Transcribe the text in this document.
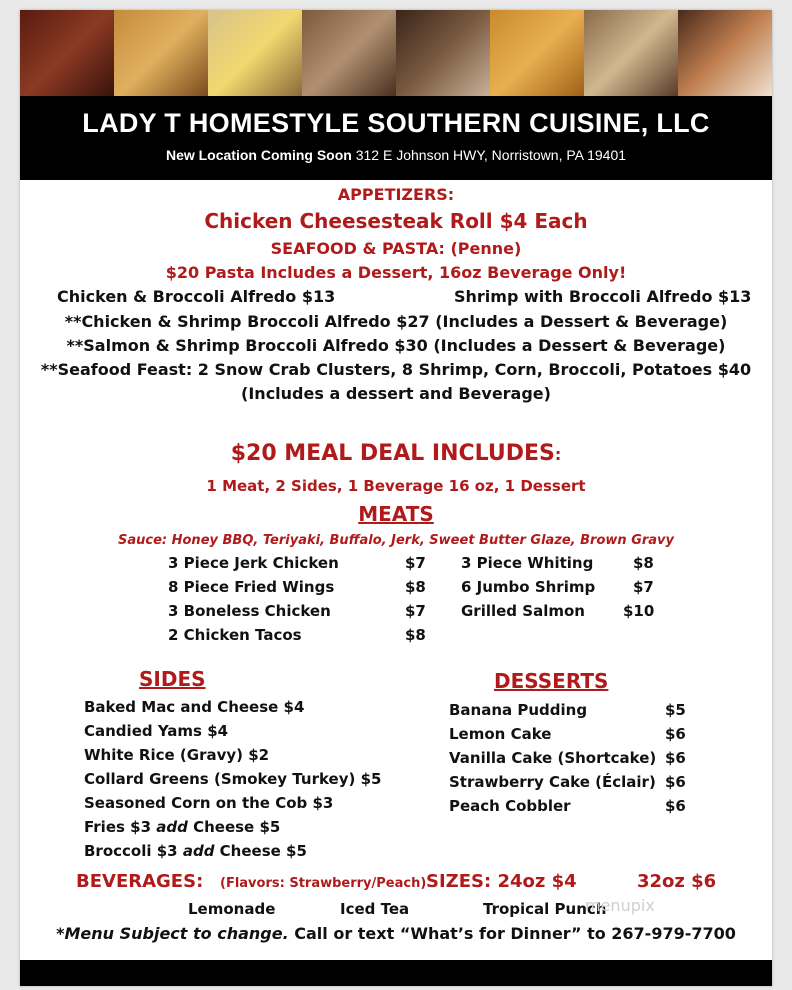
LADY T HOMESTYLE SOUTHERN CUISINE, LLC
New Location Coming Soon 312 E Johnson HWY, Norristown, PA 19401
APPETIZERS:
Chicken Cheesesteak Roll $4 Each
SEAFOOD & PASTA: (Penne)
$20 Pasta Includes a Dessert, 16oz Beverage Only!
Chicken & Broccoli Alfredo $13	Shrimp with Broccoli Alfredo $13
**Chicken & Shrimp Broccoli Alfredo $27 (Includes a Dessert & Beverage)
**Salmon & Shrimp Broccoli Alfredo $30 (Includes a Dessert & Beverage)
**Seafood Feast: 2 Snow Crab Clusters, 8 Shrimp, Corn, Broccoli, Potatoes $40
(Includes a dessert and Beverage)
$20 MEAL DEAL INCLUDES:
1 Meat, 2 Sides, 1 Beverage 16 oz, 1 Dessert
MEATS
Sauce: Honey BBQ, Teriyaki, Buffalo, Jerk, Sweet Butter Glaze, Brown Gravy
3 Piece Jerk Chicken	$7
8 Piece Fried Wings	$8
3 Boneless Chicken	$7
2 Chicken Tacos	$8
3 Piece Whiting	$8
6 Jumbo Shrimp	$7
Grilled Salmon	$10
SIDES
Baked Mac and Cheese $4
Candied Yams $4
White Rice (Gravy) $2
Collard Greens (Smokey Turkey) $5
Seasoned Corn on the Cob $3
Fries $3 add Cheese $5
Broccoli $3 add Cheese $5
DESSERTS
Banana Pudding	$5
Lemon Cake	$6
Vanilla Cake (Shortcake) $6
Strawberry Cake (Éclair) $6
Peach Cobbler	$6
BEVERAGES: (Flavors: Strawberry/Peach) SIZES: 24oz $4	32oz $6
Lemonade	Iced Tea	Tropical Punch
menupix
*Menu Subject to change. Call or text “What’s for Dinner” to 267-979-7700
